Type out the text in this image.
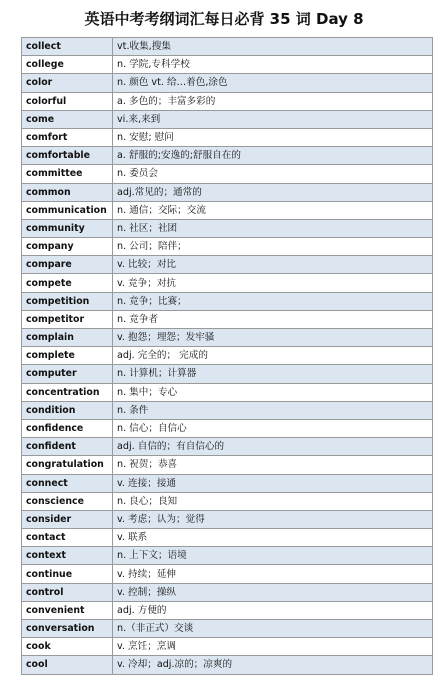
英语中考考纲词汇每日必背 35 词 Day 8
collect	vt.收集,搜集
college	n. 学院,专科学校
color	n. 颜色 vt. 给…着色,涂色
colorful	a. 多色的；丰富多彩的
come	vi.来,来到
comfort	n. 安慰; 慰问
comfortable	a. 舒服的;安逸的;舒服自在的
committee	n. 委员会
common	adj.常见的；通常的
communication	n. 通信；交际；交流
community	n. 社区；社团
company	n. 公司；陪伴；
compare	v. 比较；对比
compete	v. 竞争；对抗
competition	n. 竞争；比赛；
competitor	n. 竞争者
complain	v. 抱怨；埋怨；发牢骚
complete	adj. 完全的； 完成的
computer	n. 计算机；计算器
concentration	n. 集中；专心
condition	n. 条件
confidence	n. 信心；自信心
confident	adj. 自信的；有自信心的
congratulation	n. 祝贺；恭喜
connect	v. 连接；接通
conscience	n. 良心；良知
consider	v. 考虑；认为；觉得
contact	v. 联系
context	n. 上下文；语境
continue	v. 持续；延伸
control	v. 控制；操纵
convenient	adj. 方便的
conversation	n.（非正式）交谈
cook	v. 烹饪；烹调
cool	v. 冷却；adj.凉的；凉爽的
